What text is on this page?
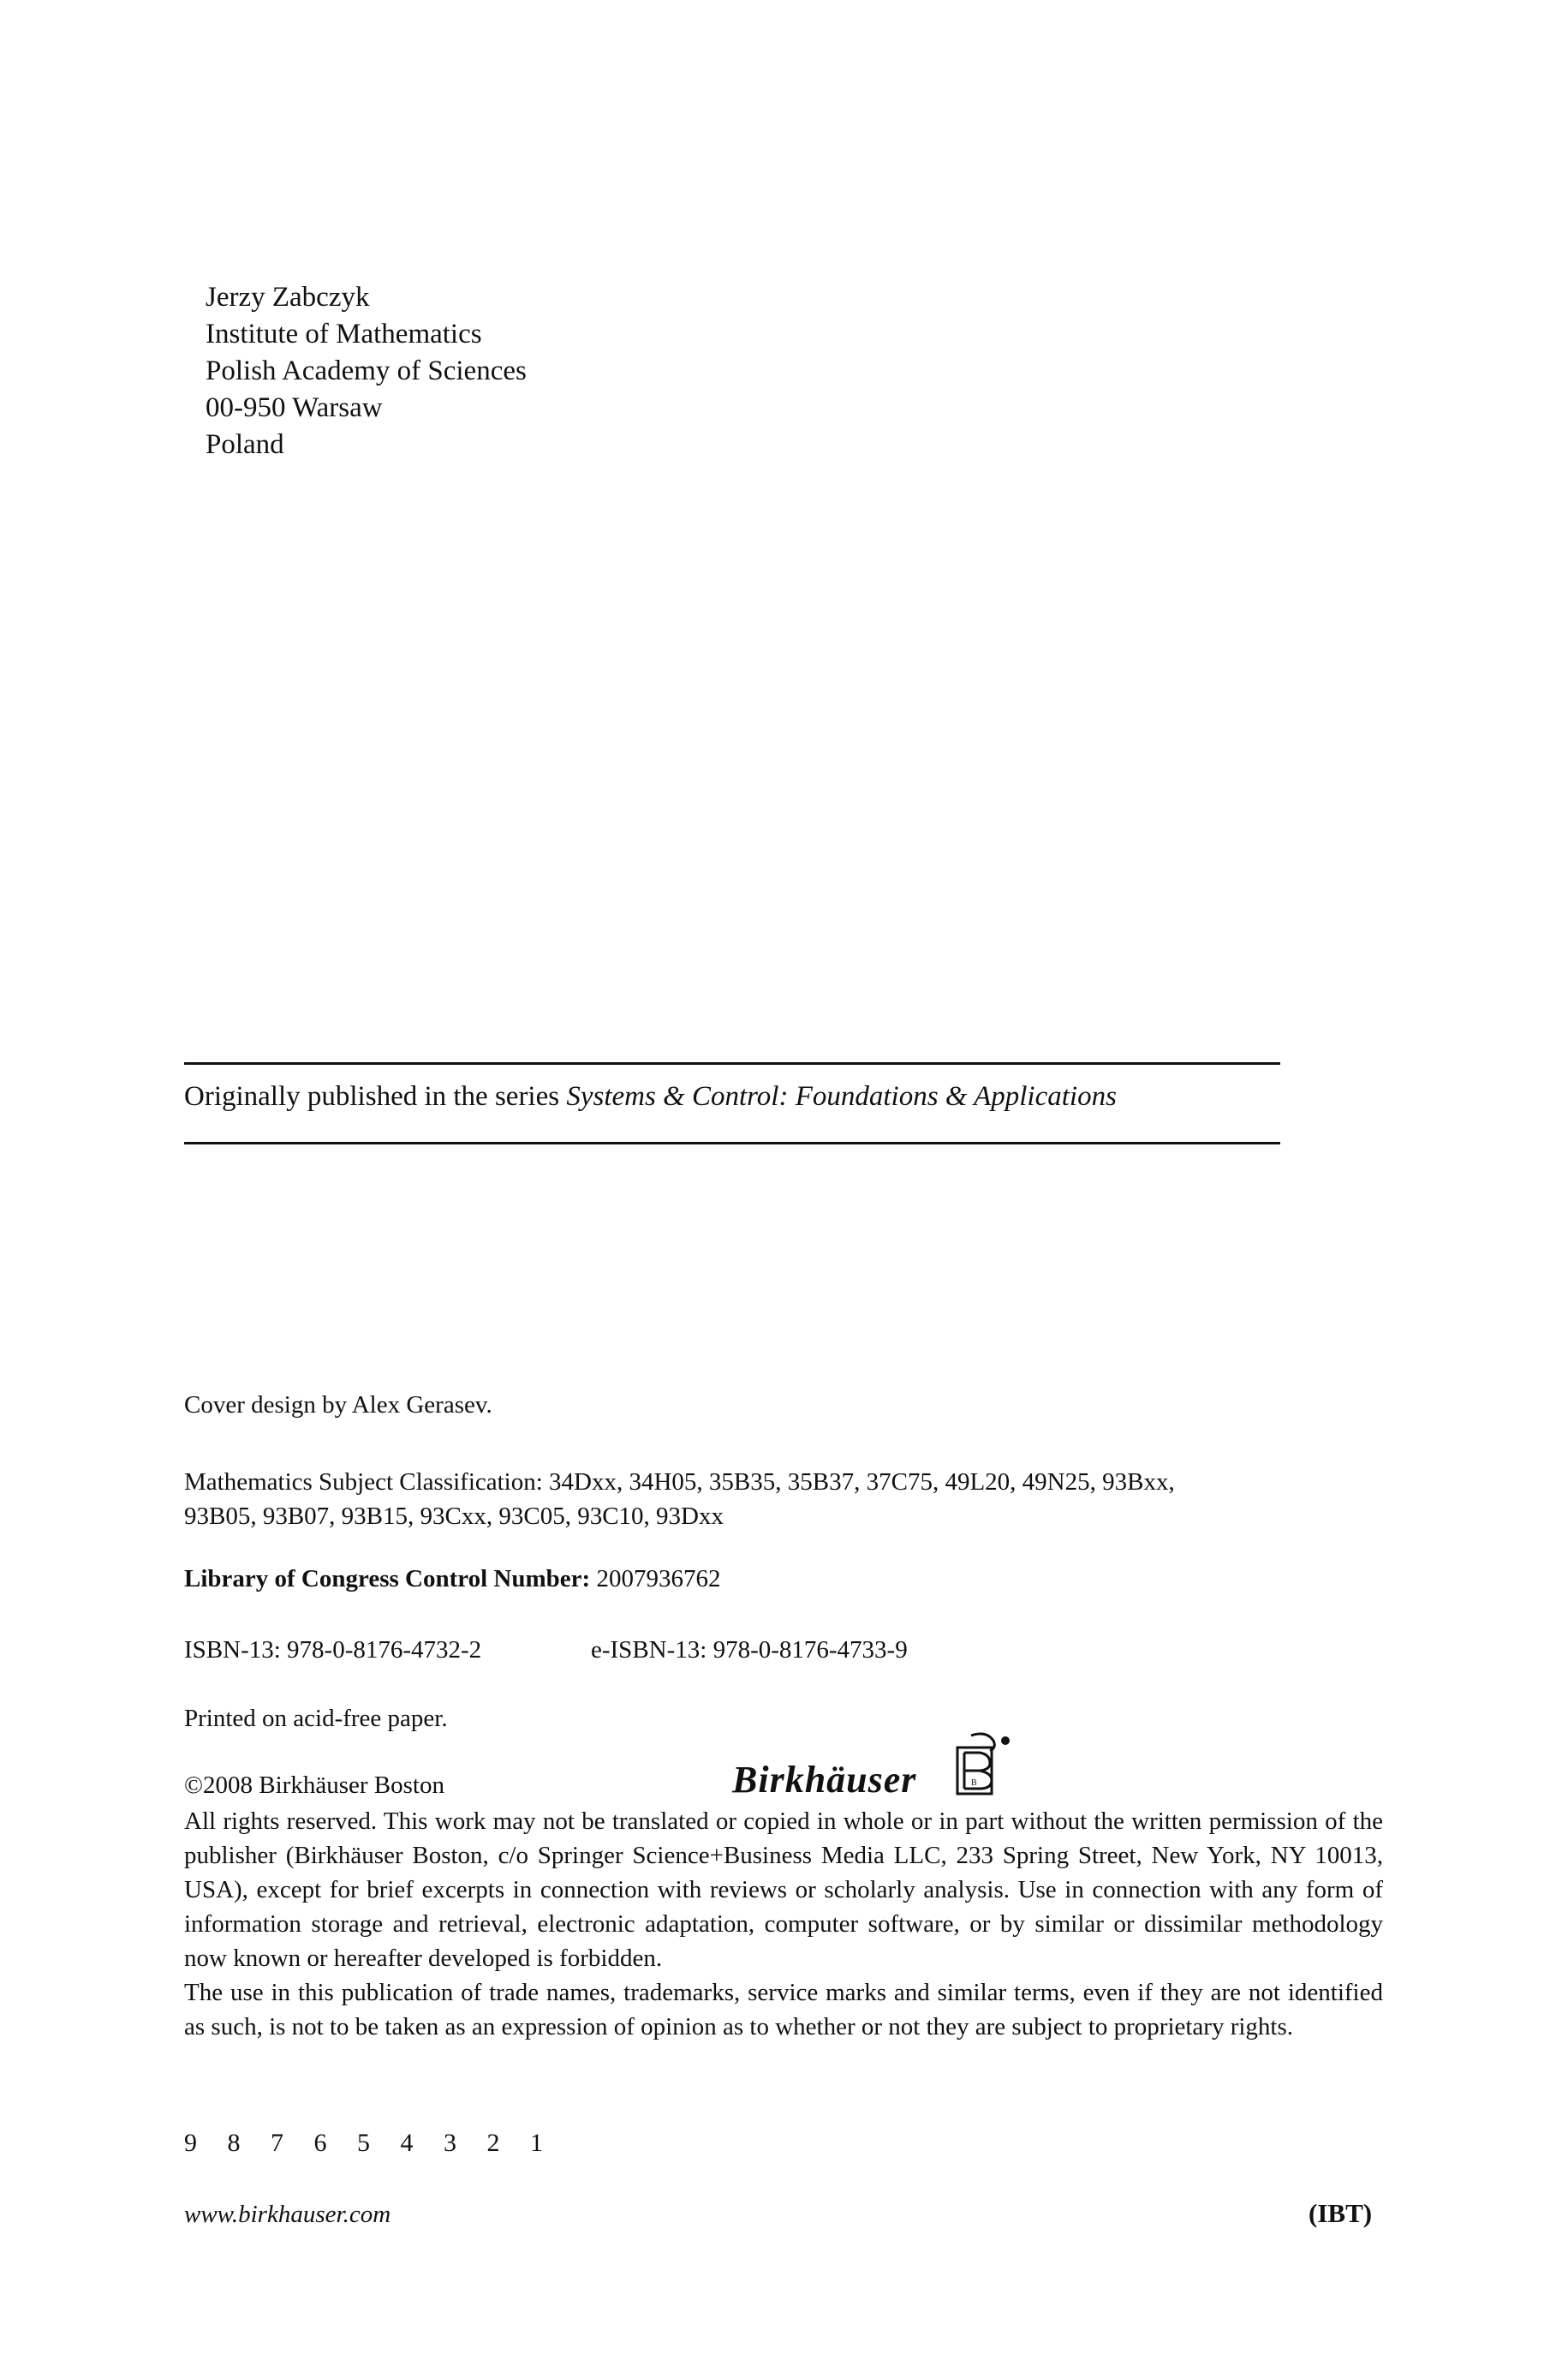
Jerzy Zabczyk
Institute of Mathematics
Polish Academy of Sciences
00-950 Warsaw
Poland
Originally published in the series Systems & Control: Foundations & Applications
Cover design by Alex Gerasev.
Mathematics Subject Classification: 34Dxx, 34H05, 35B35, 35B37, 37C75, 49L20, 49N25, 93Bxx,
93B05, 93B07, 93B15, 93Cxx, 93C05, 93C10, 93Dxx
Library of Congress Control Number: 2007936762
ISBN-13: 978-0-8176-4732-2	e-ISBN-13: 978-0-8176-4733-9
Printed on acid-free paper.
©2008 Birkhäuser Boston	Birkhäuser	B

All rights reserved. This work may not be translated or copied in whole or in part without the written permission of the publisher (Birkhäuser Boston, c/o Springer Science+Business Media LLC, 233 Spring Street, New York, NY 10013, USA), except for brief excerpts in connection with reviews or scholarly analysis. Use in connection with any form of information storage and retrieval, electronic adaptation, computer software, or by similar or dissimilar methodology now known or hereafter developed is forbidden.

The use in this publication of trade names, trademarks, service marks and similar terms, even if they are not identified as such, is not to be taken as an expression of opinion as to whether or not they are subject to proprietary rights.

9 8 7 6 5 4 3 2 1
www.birkhauser.com	(IBT)
